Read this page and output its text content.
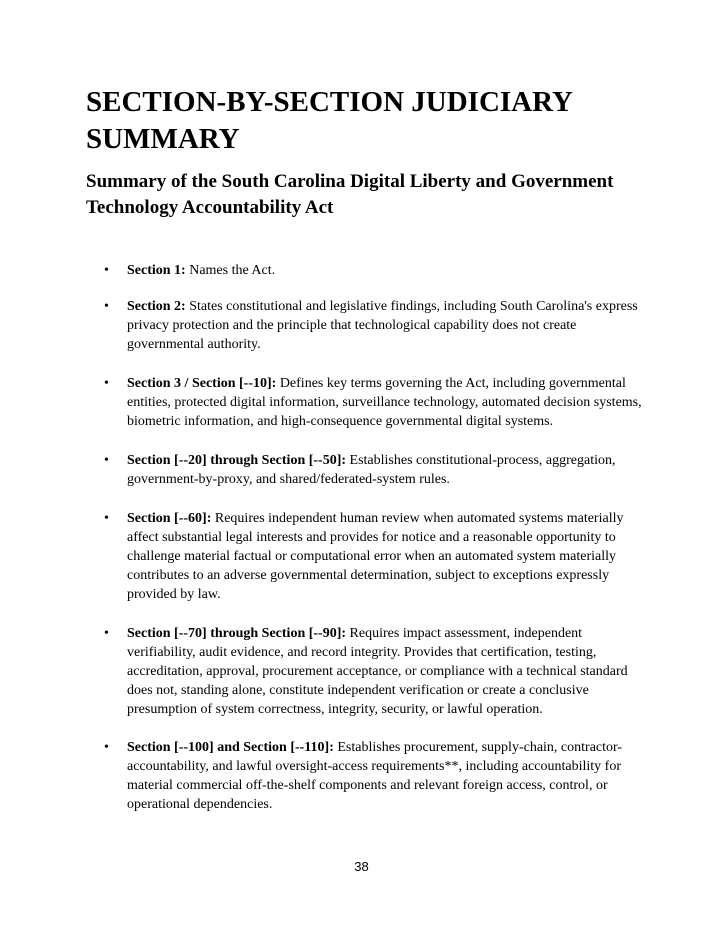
SECTION-BY-SECTION JUDICIARY SUMMARY
Summary of the South Carolina Digital Liberty and Government Technology Accountability Act
• Section 1: Names the Act.
• Section 2: States constitutional and legislative findings, including South Carolina's express privacy protection and the principle that technological capability does not create governmental authority.
• Section 3 / Section [--10]: Defines key terms governing the Act, including governmental entities, protected digital information, surveillance technology, automated decision systems, biometric information, and high-consequence governmental digital systems.
• Section [--20] through Section [--50]: Establishes constitutional-process, aggregation, government-by-proxy, and shared/federated-system rules.
• Section [--60]: Requires independent human review when automated systems materially affect substantial legal interests and provides for notice and a reasonable opportunity to challenge material factual or computational error when an automated system materially contributes to an adverse governmental determination, subject to exceptions expressly provided by law.
• Section [--70] through Section [--90]: Requires impact assessment, independent verifiability, audit evidence, and record integrity. Provides that certification, testing, accreditation, approval, procurement acceptance, or compliance with a technical standard does not, standing alone, constitute independent verification or create a conclusive presumption of system correctness, integrity, security, or lawful operation.
• Section [--100] and Section [--110]: Establishes procurement, supply-chain, contractor-accountability, and lawful oversight-access requirements**, including accountability for material commercial off-the-shelf components and relevant foreign access, control, or operational dependencies.
38
